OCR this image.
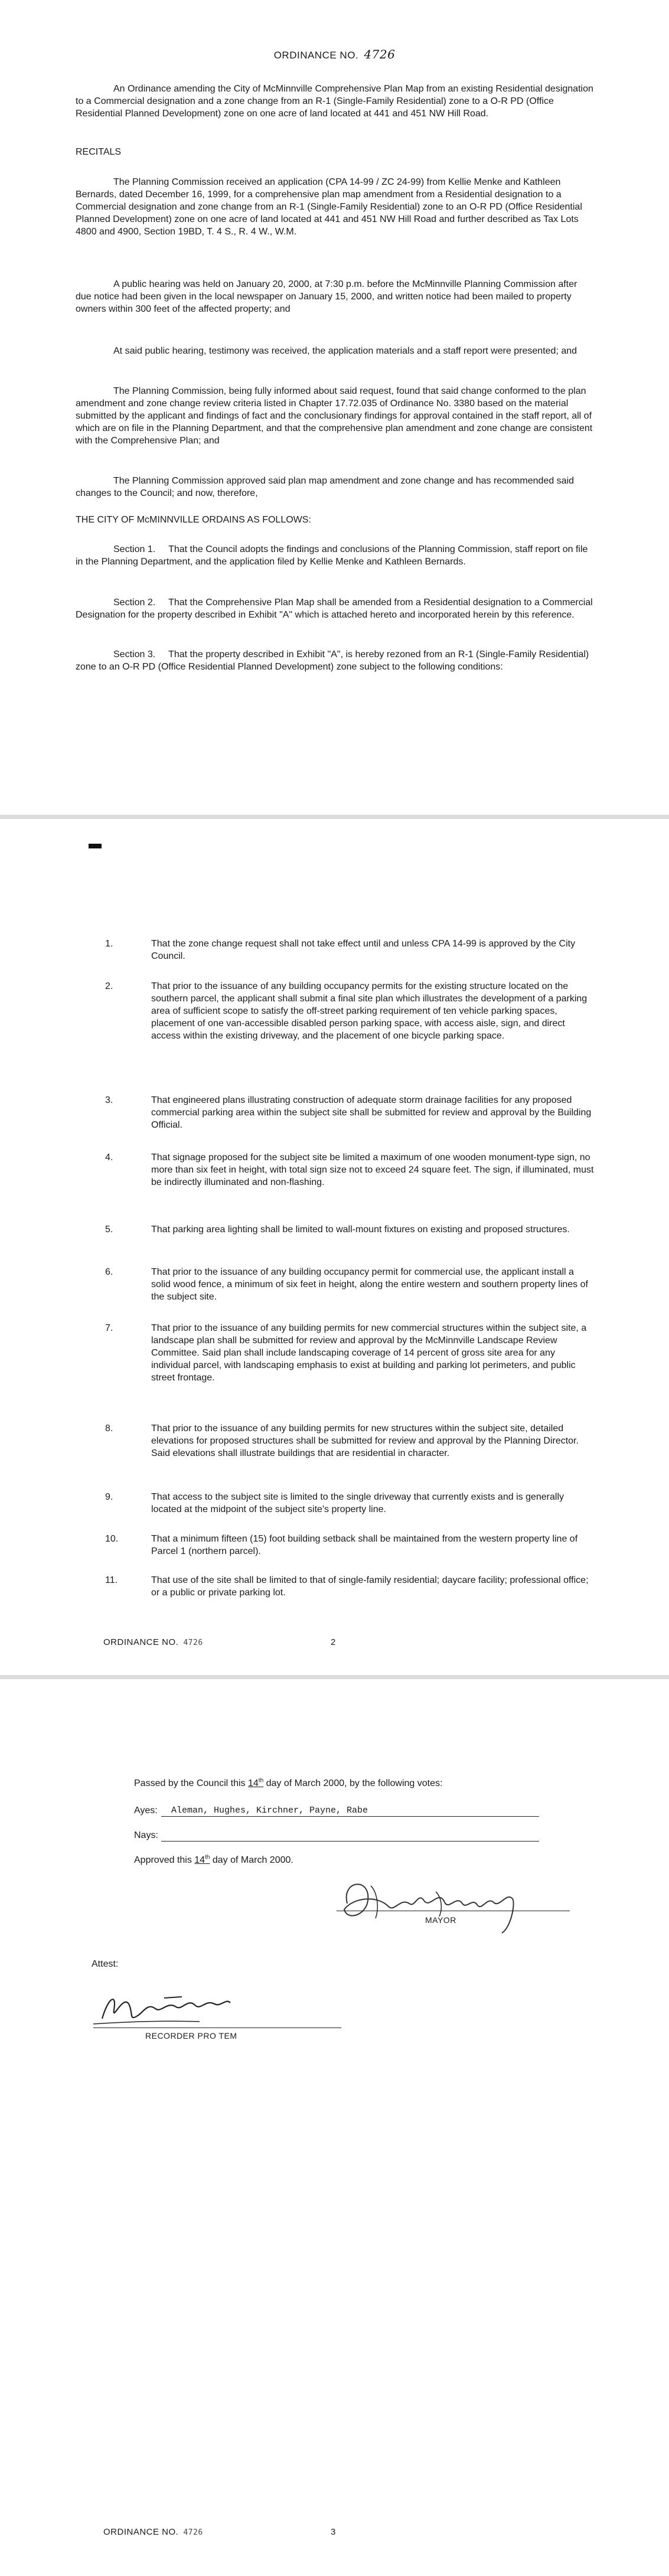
ORDINANCE NO. 4726
An Ordinance amending the City of McMinnville Comprehensive Plan Map from an existing Residential designation to a Commercial designation and a zone change from an R-1 (Single-Family Residential) zone to a O-R PD (Office Residential Planned Development) zone on one acre of land located at 441 and 451 NW Hill Road.
RECITALS
The Planning Commission received an application (CPA 14-99 / ZC 24-99) from Kellie Menke and Kathleen Bernards, dated December 16, 1999, for a comprehensive plan map amendment from a Residential designation to a Commercial designation and zone change from an R-1 (Single-Family Residential) zone to an O-R PD (Office Residential Planned Development) zone on one acre of land located at 441 and 451 NW Hill Road and further described as Tax Lots 4800 and 4900, Section 19BD, T. 4 S., R. 4 W., W.M.
A public hearing was held on January 20, 2000, at 7:30 p.m. before the McMinnville Planning Commission after due notice had been given in the local newspaper on January 15, 2000, and written notice had been mailed to property owners within 300 feet of the affected property; and
At said public hearing, testimony was received, the application materials and a staff report were presented; and
The Planning Commission, being fully informed about said request, found that said change conformed to the plan amendment and zone change review criteria listed in Chapter 17.72.035 of Ordinance No. 3380 based on the material submitted by the applicant and findings of fact and the conclusionary findings for approval contained in the staff report, all of which are on file in the Planning Department, and that the comprehensive plan amendment and zone change are consistent with the Comprehensive Plan; and
The Planning Commission approved said plan map amendment and zone change and has recommended said changes to the Council; and now, therefore,
THE CITY OF McMINNVILLE ORDAINS AS FOLLOWS:
Section 1.     That the Council adopts the findings and conclusions of the Planning Commission, staff report on file in the Planning Department, and the application filed by Kellie Menke and Kathleen Bernards.
Section 2.     That the Comprehensive Plan Map shall be amended from a Residential designation to a Commercial Designation for the property described in Exhibit "A" which is attached hereto and incorporated herein by this reference.
Section 3.     That the property described in Exhibit "A", is hereby rezoned from an R-1 (Single-Family Residential) zone to an O-R PD (Office Residential Planned Development) zone subject to the following conditions:
1.	That the zone change request shall not take effect until and unless CPA 14-99 is approved by the City Council.
2.	That prior to the issuance of any building occupancy permits for the existing structure located on the southern parcel, the applicant shall submit a final site plan which illustrates the development of a parking area of sufficient scope to satisfy the off-street parking requirement of ten vehicle parking spaces, placement of one van-accessible disabled person parking space, with access aisle, sign, and direct access within the existing driveway, and the placement of one bicycle parking space.
3.	That engineered plans illustrating construction of adequate storm drainage facilities for any proposed commercial parking area within the subject site shall be submitted for review and approval by the Building Official.
4.	That signage proposed for the subject site be limited a maximum of one wooden monument-type sign, no more than six feet in height, with total sign size not to exceed 24 square feet. The sign, if illuminated, must be indirectly illuminated and non-flashing.
5.	That parking area lighting shall be limited to wall-mount fixtures on existing and proposed structures.
6.	That prior to the issuance of any building occupancy permit for commercial use, the applicant install a solid wood fence, a minimum of six feet in height, along the entire western and southern property lines of the subject site.
7.	That prior to the issuance of any building permits for new commercial structures within the subject site, a landscape plan shall be submitted for review and approval by the McMinnville Landscape Review Committee. Said plan shall include landscaping coverage of 14 percent of gross site area for any individual parcel, with landscaping emphasis to exist at building and parking lot perimeters, and public street frontage.
8.	That prior to the issuance of any building permits for new structures within the subject site, detailed elevations for proposed structures shall be submitted for review and approval by the Planning Director. Said elevations shall illustrate buildings that are residential in character.
9.	That access to the subject site is limited to the single driveway that currently exists and is generally located at the midpoint of the subject site's property line.
10.	That a minimum fifteen (15) foot building setback shall be maintained from the western property line of Parcel 1 (northern parcel).
11.	That use of the site shall be limited to that of single-family residential; daycare facility; professional office; or a public or private parking lot.
ORDINANCE NO. 4726	2
Passed by the Council this 14th day of March 2000, by the following votes:
Ayes:	Aleman, Hughes, Kirchner, Payne, Rabe
Nays:
Approved this 14th day of March 2000.
MAYOR
Attest:
RECORDER PRO TEM
ORDINANCE NO. 4726	3
